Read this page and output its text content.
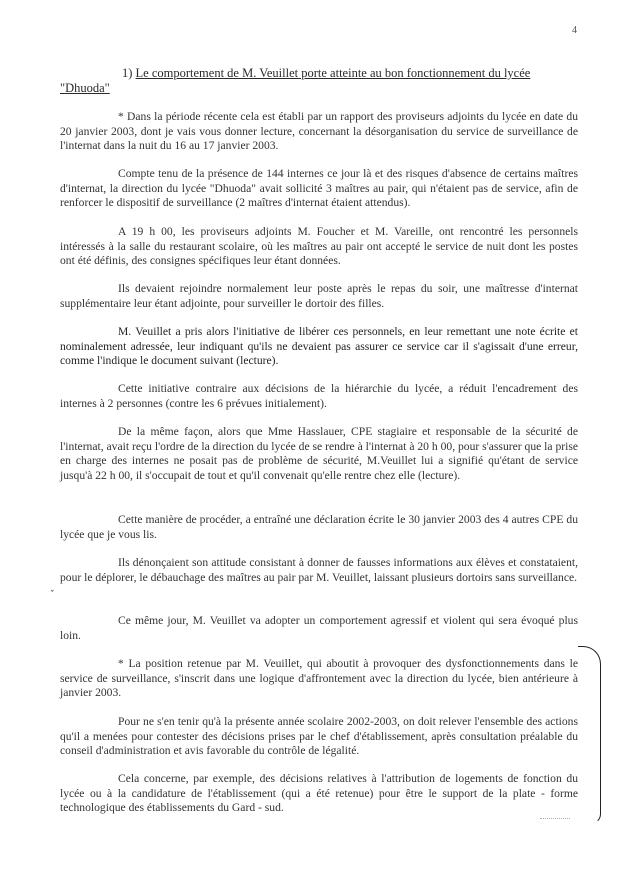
4
1) Le comportement de M. Veuillet porte atteinte au bon fonctionnement du lycée
"Dhuoda"
* Dans la période récente cela est établi par un rapport des proviseurs adjoints du lycée en date du 20 janvier 2003, dont je vais vous donner lecture, concernant la désorganisation du service de surveillance de l'internat dans la nuit du 16 au 17 janvier 2003.
Compte tenu de la présence de 144 internes ce jour là et des risques d'absence de certains maîtres d'internat, la direction du lycée "Dhuoda" avait sollicité 3 maîtres au pair, qui n'étaient pas de service, afin de renforcer le dispositif de surveillance (2 maîtres d'internat étaient attendus).
A 19 h 00, les proviseurs adjoints M. Foucher et M. Vareille, ont rencontré les personnels intéressés à la salle du restaurant scolaire, où les maîtres au pair ont accepté le service de nuit dont les postes ont été définis, des consignes spécifiques leur étant données.
Ils devaient rejoindre normalement leur poste après le repas du soir, une maîtresse d'internat supplémentaire leur étant adjointe, pour surveiller le dortoir des filles.
M. Veuillet a pris alors l'initiative de libérer ces personnels, en leur remettant une note écrite et nominalement adressée, leur indiquant qu'ils ne devaient pas assurer ce service car il s'agissait d'une erreur, comme l'indique le document suivant (lecture).
Cette initiative contraire aux décisions de la hiérarchie du lycée, a réduit l'encadrement des internes à 2 personnes (contre les 6 prévues initialement).
De la même façon, alors que Mme Hasslauer, CPE stagiaire et responsable de la sécurité de l'internat, avait reçu l'ordre de la direction du lycée de se rendre à l'internat à 20 h 00, pour s'assurer que la prise en charge des internes ne posait pas de problème de sécurité, M.Veuillet lui a signifié qu'étant de service jusqu'à 22 h 00, il s'occupait de tout et qu'il convenait qu'elle rentre chez elle (lecture).
Cette manière de procéder, a entraîné une déclaration écrite le 30 janvier 2003 des 4 autres CPE du lycée que je vous lis.
Ils dénonçaient son attitude consistant à donner de fausses informations aux élèves et constataient, pour le déplorer, le débauchage des maîtres au pair par M. Veuillet, laissant plusieurs dortoirs sans surveillance.
Ce même jour, M. Veuillet va adopter un comportement agressif et violent qui sera évoqué plus loin.
* La position retenue par M. Veuillet, qui aboutit à provoquer des dysfonctionnements dans le service de surveillance, s'inscrit dans une logique d'affrontement avec la direction du lycée, bien antérieure à janvier 2003.
Pour ne s'en tenir qu'à la présente année scolaire 2002-2003, on doit relever l'ensemble des actions qu'il a menées pour contester des décisions prises par le chef d'établissement, après consultation préalable du conseil d'administration et avis favorable du contrôle de légalité.
Cela concerne, par exemple, des décisions relatives à l'attribution de logements de fonction du lycée ou à la candidature de l'établissement (qui a été retenue) pour être le support de la plate - forme technologique des établissements du Gard - sud.
˯
